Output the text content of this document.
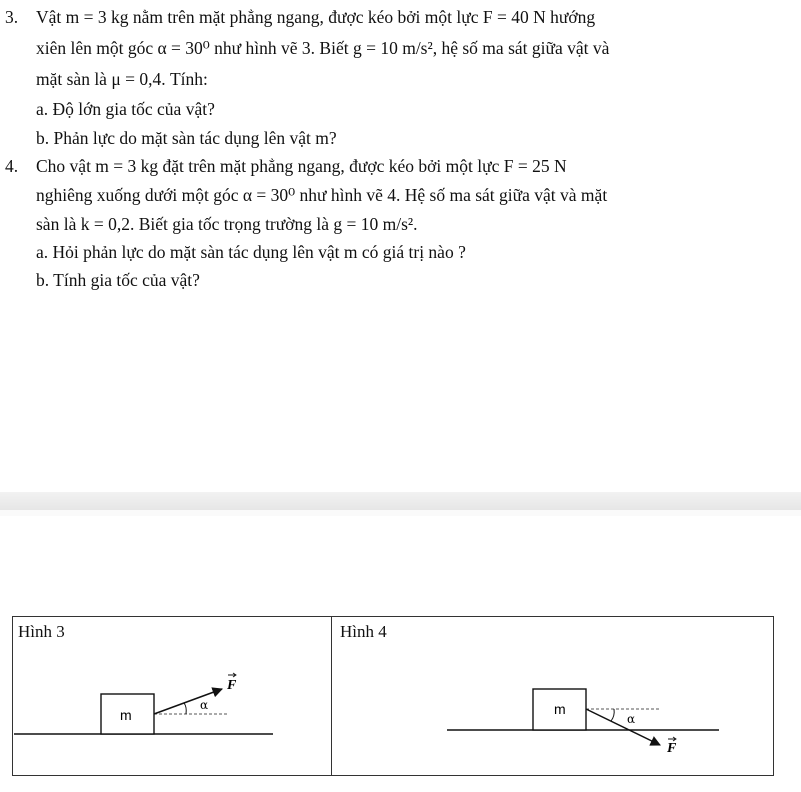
3. Vật m = 3 kg nằm trên mặt phẳng ngang, được kéo bởi một lực F = 40 N hướng
xiên lên một góc α = 30⁰ như hình vẽ 3. Biết g = 10 m/s², hệ số ma sát giữa vật và
mặt sàn là μ = 0,4. Tính:
a. Độ lớn gia tốc của vật?
b. Phản lực do mặt sàn tác dụng lên vật m?
4. Cho vật m = 3 kg đặt trên mặt phẳng ngang, được kéo bởi một lực F = 25 N
nghiêng xuống dưới một góc α = 30⁰ như hình vẽ 4. Hệ số ma sát giữa vật và mặt
sàn là k = 0,2. Biết gia tốc trọng trường là g = 10 m/s².
a. Hỏi phản lực do mặt sàn tác dụng lên vật m có giá trị nào ?
b. Tính gia tốc của vật?
Hình 3	Hình 4
m
α
F
m
α
F
